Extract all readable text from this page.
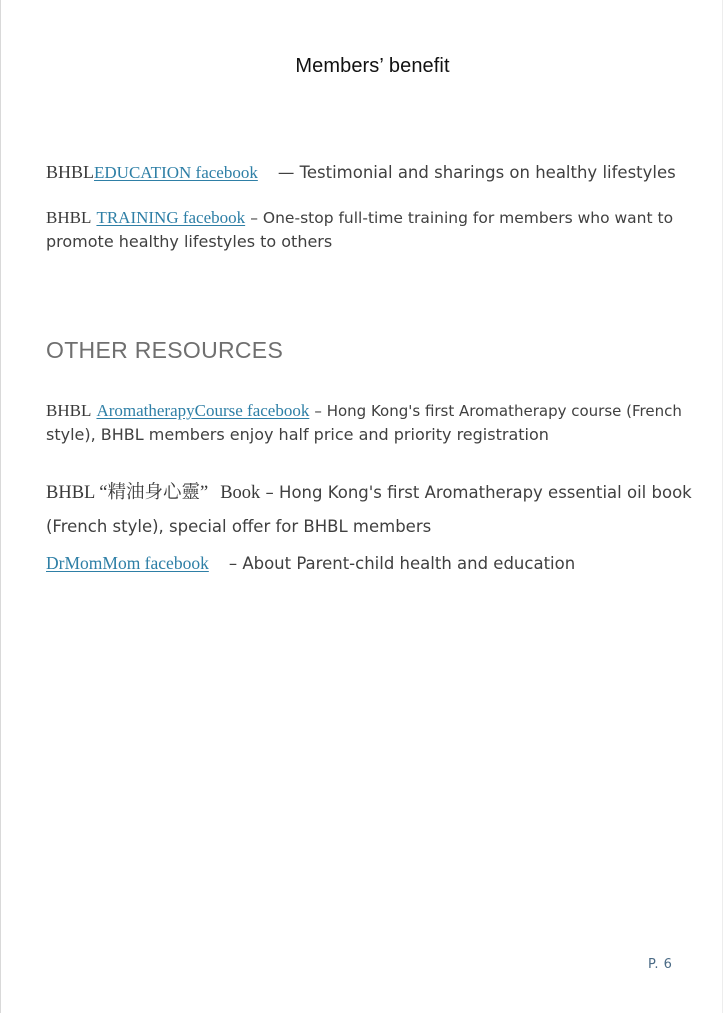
Members’ benefit
BHBLEDUCATION facebook — Testimonial and sharings on healthy lifestyles
BHBL TRAINING facebook – One-stop full-time training for members who want to
promote healthy lifestyles to others
OTHER RESOURCES
BHBL AromatherapyCourse facebook – Hong Kong's first Aromatherapy course (French
style), BHBL members enjoy half price and priority registration
BHBL “精油身心靈” Book – Hong Kong's first Aromatherapy essential oil book
(French style), special offer for BHBL members
DrMomMom facebook – About Parent-child health and education
P. 6
